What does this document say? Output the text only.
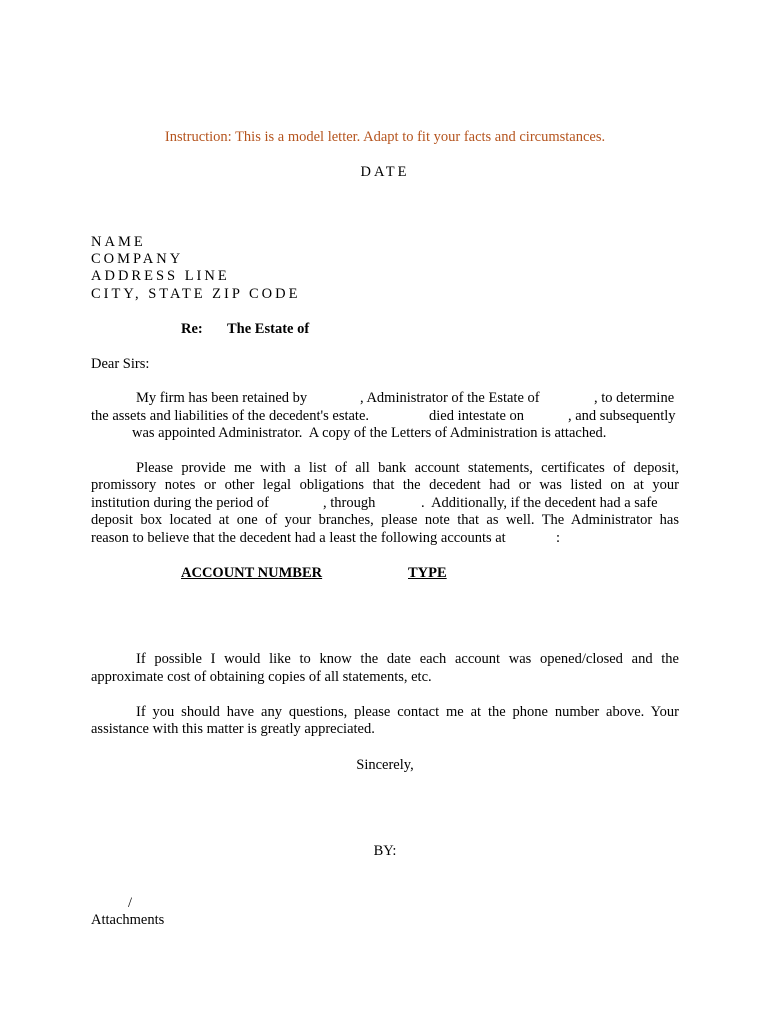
Instruction: This is a model letter. Adapt to fit your facts and circumstances.
DATE
NAME
COMPANY
ADDRESS LINE
CITY, STATE ZIP CODE
Re: The Estate of
Dear Sirs:
My firm has been retained by	, Administrator of the Estate of	, to determine
the assets and liabilities of the decedent's estate.	died intestate on	, and subsequently
was appointed Administrator.  A copy of the Letters of Administration is attached.
Please provide me with a list of all bank account statements, certificates of deposit,
promissory notes or other legal obligations that the decedent had or was listed on at your
institution during the period of	, through	.  Additionally, if the decedent had a safe
deposit box located at one of your branches, please note that as well. The Administrator has
reason to believe that the decedent had a least the following accounts at	:
ACCOUNT NUMBER	TYPE
If possible I would like to know the date each account was opened/closed and the
approximate cost of obtaining copies of all statements, etc.
If you should have any questions, please contact me at the phone number above. Your
assistance with this matter is greatly appreciated.
Sincerely,
BY:
/
Attachments
